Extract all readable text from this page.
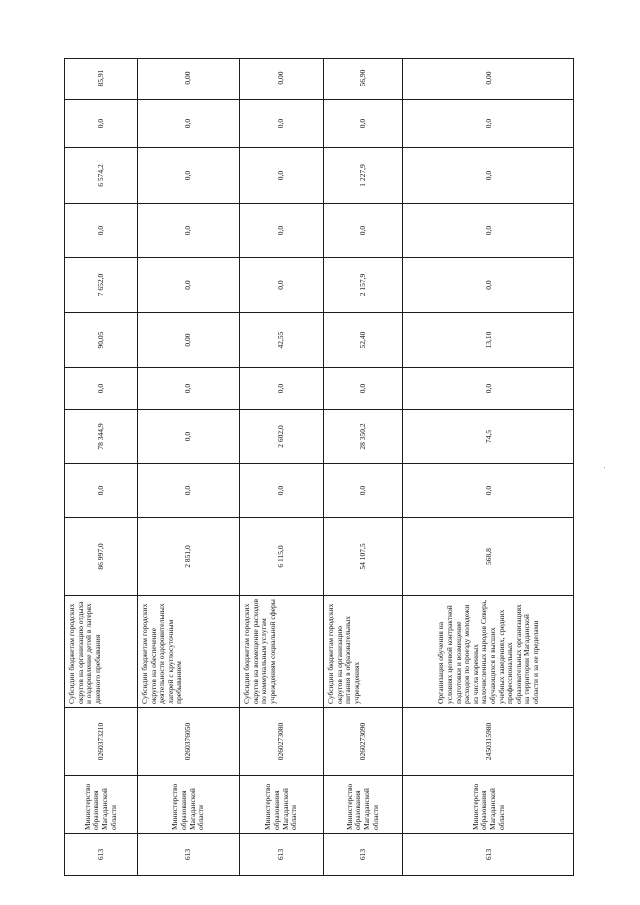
613
Министерство образования Магаданской области
0260373210
Субсидии бюджетам городских округов на организацию отдыха и оздоровление детей в лагерях дневного пребывания
86 997,0
0,0
78 344,9
0,0
90,05
7 652,0
0,0
6 574,2
0,0
85,91
613
Министерство образования Магаданской области
0260376050
Субсидии бюджетам городских округов на обеспечение деятельности оздоровительных лагерей с круглосуточным пребыванием
2 851,0
0,0
0,0
0,0
0,00
0,0
0,0
0,0
0,0
0,00
613
Министерство образования Магаданской области
0260273080
Субсидии бюджетам городских округов на возмещение расходов по коммунальным услугам учреждениям социальной сферы
6 115,0
0,0
2 602,0
0,0
42,55
0,0
0,0
0,0
0,0
0,00
613
Министерство образования Магаданской области
0260273090
Субсидии бюджетам городских округов на организацию питания в образовательных учреждениях
54 107,5
0,0
28 350,2
0,0
52,40
2 157,9
0,0
1 227,9
0,0
56,90
613
Министерство образования Магаданской области
2450315980
Организация обучения на условиях целевой контрактной подготовки и возмещение расходов по проезду молодежи из числа коренных малочисленных народов Севера, обучающихся в высших учебных заведениях, средних профессиональных образовательных организациях на территории Магаданской области и за ее пределами
568,8
0,0
74,5
0,0
13,10
0,0
0,0
0,0
0,0
0,00
